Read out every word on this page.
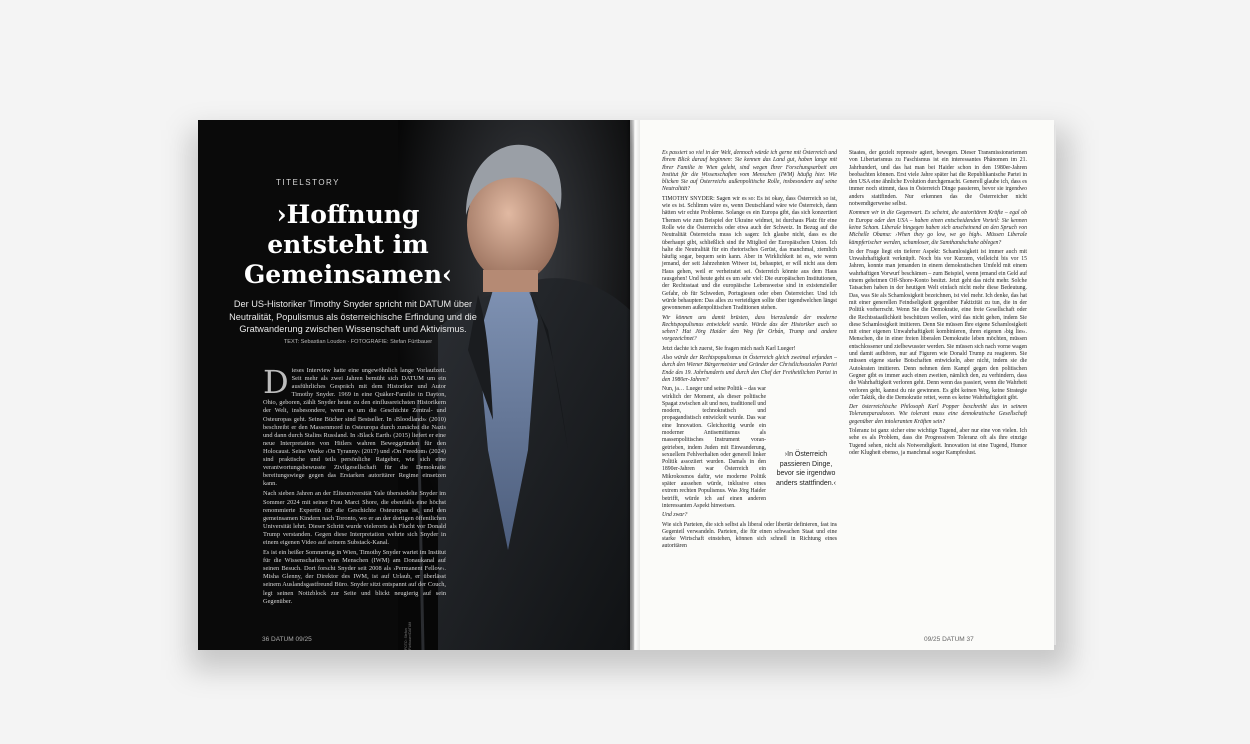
TITELSTORY
›Hoffnung entsteht im Gemeinsamen‹
Der US-Historiker Timothy Snyder spricht mit DATUM über Neutralität, Populismus als österreichische Erfindung und die Gratwanderung zwischen Wissenschaft und Aktivismus.
TEXT: Sebastian Loudon · FOTOGRAFIE: Stefan Fürtbauer

Dieses Interview hatte eine ungewöhnlich lange Vorlaufzeit. Seit mehr als zwei Jahren bemüht sich DATUM um ein ausführliches Gespräch mit dem Historiker und Autor Timothy Snyder. 1969 in eine Quäker-Familie in Dayton, Ohio, geboren, zählt Snyder heute zu den einflussreichsten Historikern der Welt, insbesondere, wenn es um die Geschichte Zentral- und Osteuropas geht. Seine Bücher sind Bestseller. In ›Bloodlands‹ (2010) beschreibt er den Massenmord in Osteuropa durch zunächst die Nazis und dann durch Stalins Russland. In ›Black Earth‹ (2015) liefert er eine neue Interpretation von Hitlers wahren Beweggründen für den Holocaust. Seine Werke ›On Tyranny‹ (2017) und ›On Freedom‹ (2024) sind praktische und teils persönliche Ratgeber, wie sich eine verantwortungsbewusste Zivilgesellschaft für die Demokratie bereitungswiege gegen das Erstarken autoritärer Regime einsetzen kann.

Nach sieben Jahren an der Eliteuniversität Yale übersiedelte Snyder im Sommer 2024 mit seiner Frau Marci Shore, die ebenfalls eine höchst renommierte Expertin für die Geschichte Osteuropas ist, und den gemeinsamen Kindern nach Toronto, wo er an der dortigen öffentlichen Universität lehrt. Dieser Schritt wurde vielerorts als Flucht vor Donald Trump verstanden. Gegen diese Interpretation wehrte sich Snyder in einem eigenen Video auf seinem Substack-Kanal.

Es ist ein heißer Sommertag in Wien, Timothy Snyder wartet im Institut für die Wissenschaften vom Menschen (IWM) am Donaukanal auf seinen Besuch. Dort forscht Snyder seit 2008 als ›Permanent Fellow‹. Misha Glenny, der Direktor des IWM, ist auf Urlaub, er überlässt seinem Auslandsgastfreund Büro. Snyder sitzt entspannt auf der Couch, legt seinen Notizblock zur Seite und blickt neugierig auf sein Gegenüber.

36 DATUM 09/25

Es passiert so viel in der Welt, dennoch würde ich gerne mit Österreich und Ihrem Blick darauf beginnen: Sie kennen das Land gut, haben lange mit Ihrer Familie in Wien gelebt, sind wegen Ihrer Forschungsarbeit am Institut für die Wissenschaften vom Menschen (IWM) häufig hier. Wie blicken Sie auf Österreichs außenpolitische Rolle, insbesondere auf seine Neutralität?

TIMOTHY SNYDER: Sagen wir es so: Es ist okay, dass Österreich so ist, wie es ist. Schlimm wäre es, wenn Deutschland wäre wie Österreich, dann hätten wir echte Probleme. Solange es ein Europa gibt, das sich konzertiert Themen wie zum Beispiel der Ukraine widmet, ist durchaus Platz für eine Rolle wie die Österreichs oder etwa auch der Schweiz. In Bezug auf die Neutralität Österreichs muss ich sagen: Ich glaube nicht, dass es die überhaupt gibt, schließlich sind ihr Mitglied der Europäischen Union. Ich halte die Neutralität für ein rhetorisches Gerüst, das manchmal, ziemlich häufig sogar, bequem sein kann. Aber in Wirklichkeit ist es, wie wenn jemand, der seit Jahrzehnten Witwer ist, behauptet, er will nicht aus dem Haus gehen, weil er verheiratet sei. Österreich könnte aus dem Haus rausgehen! Und heute geht es um sehr viel: Die europäischen Institutionen, der Rechtsstaat und die europäische Lebensweise sind in existenzieller Gefahr, ob für Schweden, Portugiesen oder eben Österreicher. Und ich würde behaupten: Das alles zu verteidigen sollte über irgendwelchen längst gewonnenen außenpolitischen Traditionen stehen.

Wir können uns damit brüsten, dass hierzulande der moderne Rechtspopulismus entwickelt wurde. Würde das der Historiker auch so sehen? Hat Jörg Haider den Weg für Orbán, Trump und andere vorgezeichnet?

Jetzt dachte ich zuerst, Sie fragen mich nach Karl Lueger!

Also würde der Rechtspopulismus in Österreich gleich zweimal erfunden – durch den Wiener Bürgermeister und Gründer der Christlichsozialen Partei Ende des 19. Jahrhunderts und durch den Chef der Freiheitlichen Partei in den 1980er-Jahren?

Nun, ja… Lueger und seine Politik – das war wirklich der Moment, als dieser politische Spagat zwischen alt und neu, traditionell und modern, technokratisch und propagandistisch entwickelt wurde. Das war eine Innovation. Gleichzeitig wurde ein moderner Antisemitismus als massenpolitisches Instrument voran-getrieben, indem Juden mit Einwanderung, sexuellem Fehlverhalten oder generell linker Politik assoziiert wurden. Damals in den 1890er-Jahren war Österreich ein Mikrokosmos dafür, wie moderne Politik später aussehen würde, inklusive eines extrem rechten Populismus. Was Jörg Haider betrifft, würde ich auf einen anderen interessanten Aspekt hinweisen.

Und zwar?

Wie sich Parteien, die sich selbst als liberal oder libertär definieren, fast ins Gegenteil verwandeln. Parteien, die für einen schwachen Staat und eine starke Wirtschaft einstehen, können sich schnell in Richtung eines autoritären

›In Österreich passieren Dinge, bevor sie irgendwo anders stattfinden.‹

Staates, der gezielt repressiv agiert, bewegen. Dieser Transmissionsriemen von Libertarismus zu Faschismus ist ein interessantes Phänomen im 21. Jahrhundert, und das hat man bei Haider schon in den 1980er-Jahren beobachten können. Erst viele Jahre später hat die Republikanische Partei in den USA eine ähnliche Evolution durchgemacht. Generell glaube ich, dass es immer noch stimmt, dass in Österreich Dinge passieren, bevor sie irgendwo anders stattfinden. Nur erkennen das die Österreicher nicht notwendigerweise selbst.

Kommen wir in die Gegenwart. Es scheint, die autoritären Kräfte – egal ob in Europa oder den USA – haben einen entscheidenden Vorteil: Sie kennen keine Scham. Liberale hingegen haben sich anscheinend an den Spruch von Michelle Obama: ›When they go low, we go high‹. Müssen Liberale kämpferischer werden, schamloser, die Samthandschuhe ablegen?

In der Frage liegt ein tieferer Aspekt: Schamlosigkeit ist immer auch mit Unwahrhaftigkeit verknüpft. Noch bis vor Kurzem, vielleicht bis vor 15 Jahren, konnte man jemanden in einem demokratischen Umfeld mit einem wahrhaftigen Vorwurf beschämen – zum Beispiel, wenn jemand ein Geld auf einem geheimen Off-Shore-Konto besitzt. Jetzt geht das nicht mehr. Solche Tatsachen haben in der heutigen Welt einfach nicht mehr diese Bedeutung. Das, was Sie als Schamlosigkeit bezeichnen, ist viel mehr. Ich denke, das hat mit einer generellen Feindseligkeit gegenüber Faktizität zu tun, die in der Politik vorherrscht. Wenn Sie die Demokratie, eine freie Gesellschaft oder die Rechtsstaatlichkeit beschützen wollen, wird das nicht gehen, indem Sie diese Schamlosigkeit imitieren. Denn Sie müssen Ihre eigene Schamlosigkeit mit einer eigenen Unwahrhaftigkeit kombinieren, ihren eigenen ›big lies‹. Menschen, die in einer freien liberalen Demokratie leben möchten, müssen entschlossener und zielbewusster werden. Sie müssen sich nach vorne wagen und damit aufhören, nur auf Figuren wie Donald Trump zu reagieren. Sie müssen eigene starke Botschaften entwickeln, aber nicht, indem sie die Autokraten imitieren. Denn nehmen dem Kampf gegen den politischen Gegner gibt es immer auch einen zweiten, nämlich den, zu verhindern, dass die Wahrhaftigkeit verloren geht. Denn wenn das passiert, wenn die Wahrheit verloren geht, kannst du nie gewinnen. Es gibt keinen Weg, keine Strategie oder Taktik, die die Demokratie rettet, wenn es keine Wahrhaftigkeit gibt.

Der österreichische Philosoph Karl Popper beschreibt das in seinem Toleranzparadoxon. Wie tolerant muss eine demokratische Gesellschaft gegenüber den intoleranten Kräften sein?

Toleranz ist ganz sicher eine wichtige Tugend, aber nur eine von vielen. Ich sehe es als Problem, dass die Progressiven Toleranz oft als ihre einzige Tugend sehen, nicht als Notwendigkeit. Innovation ist eine Tugend, Humor oder Klugheit ebenso, ja manchmal sogar Kampfeslust.

09/25 DATUM 37
FOTO: Stefan Fürtbauer/DATUM
